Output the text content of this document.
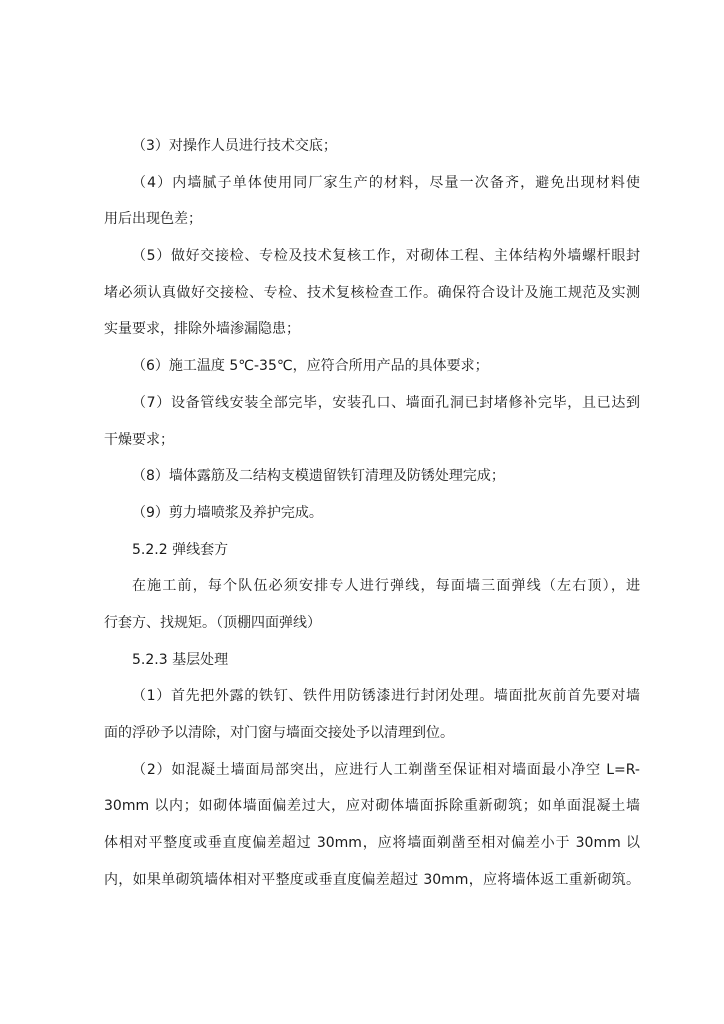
（3）对操作人员进行技术交底；
（4）内墙腻子单体使用同厂家生产的材料，尽量一次备齐，避免出现材料使
用后出现色差；
（5）做好交接检、专检及技术复核工作，对砌体工程、主体结构外墙螺杆眼封
堵必须认真做好交接检、专检、技术复核检查工作。确保符合设计及施工规范及实测
实量要求，排除外墙渗漏隐患；
（6）施工温度 5℃-35℃，应符合所用产品的具体要求；
（7）设备管线安装全部完毕，安装孔口、墙面孔洞已封堵修补完毕，且已达到
干燥要求；
（8）墙体露筋及二结构支模遗留铁钉清理及防锈处理完成；
（9）剪力墙喷浆及养护完成。
5.2.2 弹线套方
在施工前，每个队伍必须安排专人进行弹线，每面墙三面弹线（左右顶），进
行套方、找规矩。（顶棚四面弹线）
5.2.3 基层处理
（1）首先把外露的铁钉、铁件用防锈漆进行封闭处理。墙面批灰前首先要对墙
面的浮砂予以清除，对门窗与墙面交接处予以清理到位。
（2）如混凝土墙面局部突出，应进行人工剃凿至保证相对墙面最小净空 L=R-
30mm 以内；如砌体墙面偏差过大，应对砌体墙面拆除重新砌筑；如单面混凝土墙
体相对平整度或垂直度偏差超过 30mm，应将墙面剃凿至相对偏差小于 30mm 以
内，如果单砌筑墙体相对平整度或垂直度偏差超过 30mm，应将墙体返工重新砌筑。
